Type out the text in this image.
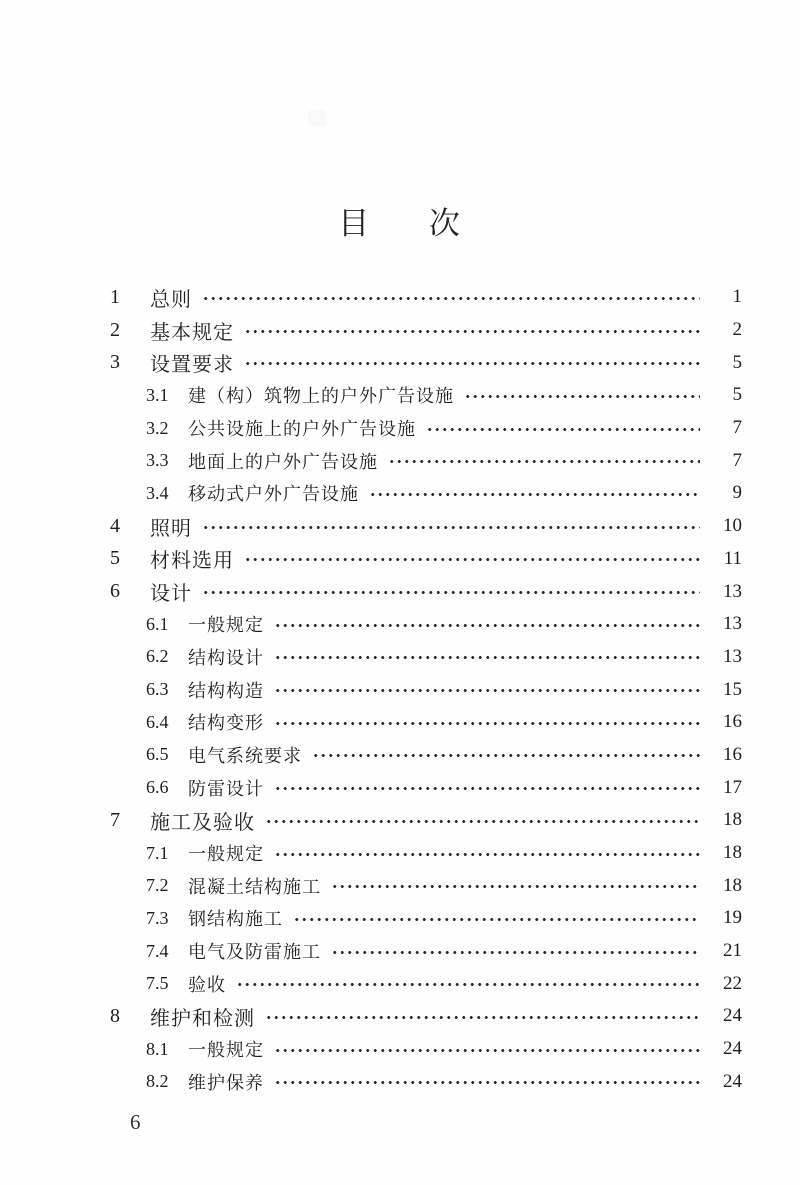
目 次
1	总则	1
2	基本规定	2
3	设置要求	5
3.1	建（构）筑物上的户外广告设施	5
3.2	公共设施上的户外广告设施	7
3.3	地面上的户外广告设施	7
3.4	移动式户外广告设施	9
4	照明	10
5	材料选用	11
6	设计	13
6.1	一般规定	13
6.2	结构设计	13
6.3	结构构造	15
6.4	结构变形	16
6.5	电气系统要求	16
6.6	防雷设计	17
7	施工及验收	18
7.1	一般规定	18
7.2	混凝土结构施工	18
7.3	钢结构施工	19
7.4	电气及防雷施工	21
7.5	验收	22
8	维护和检测	24
8.1	一般规定	24
8.2	维护保养	24
6
